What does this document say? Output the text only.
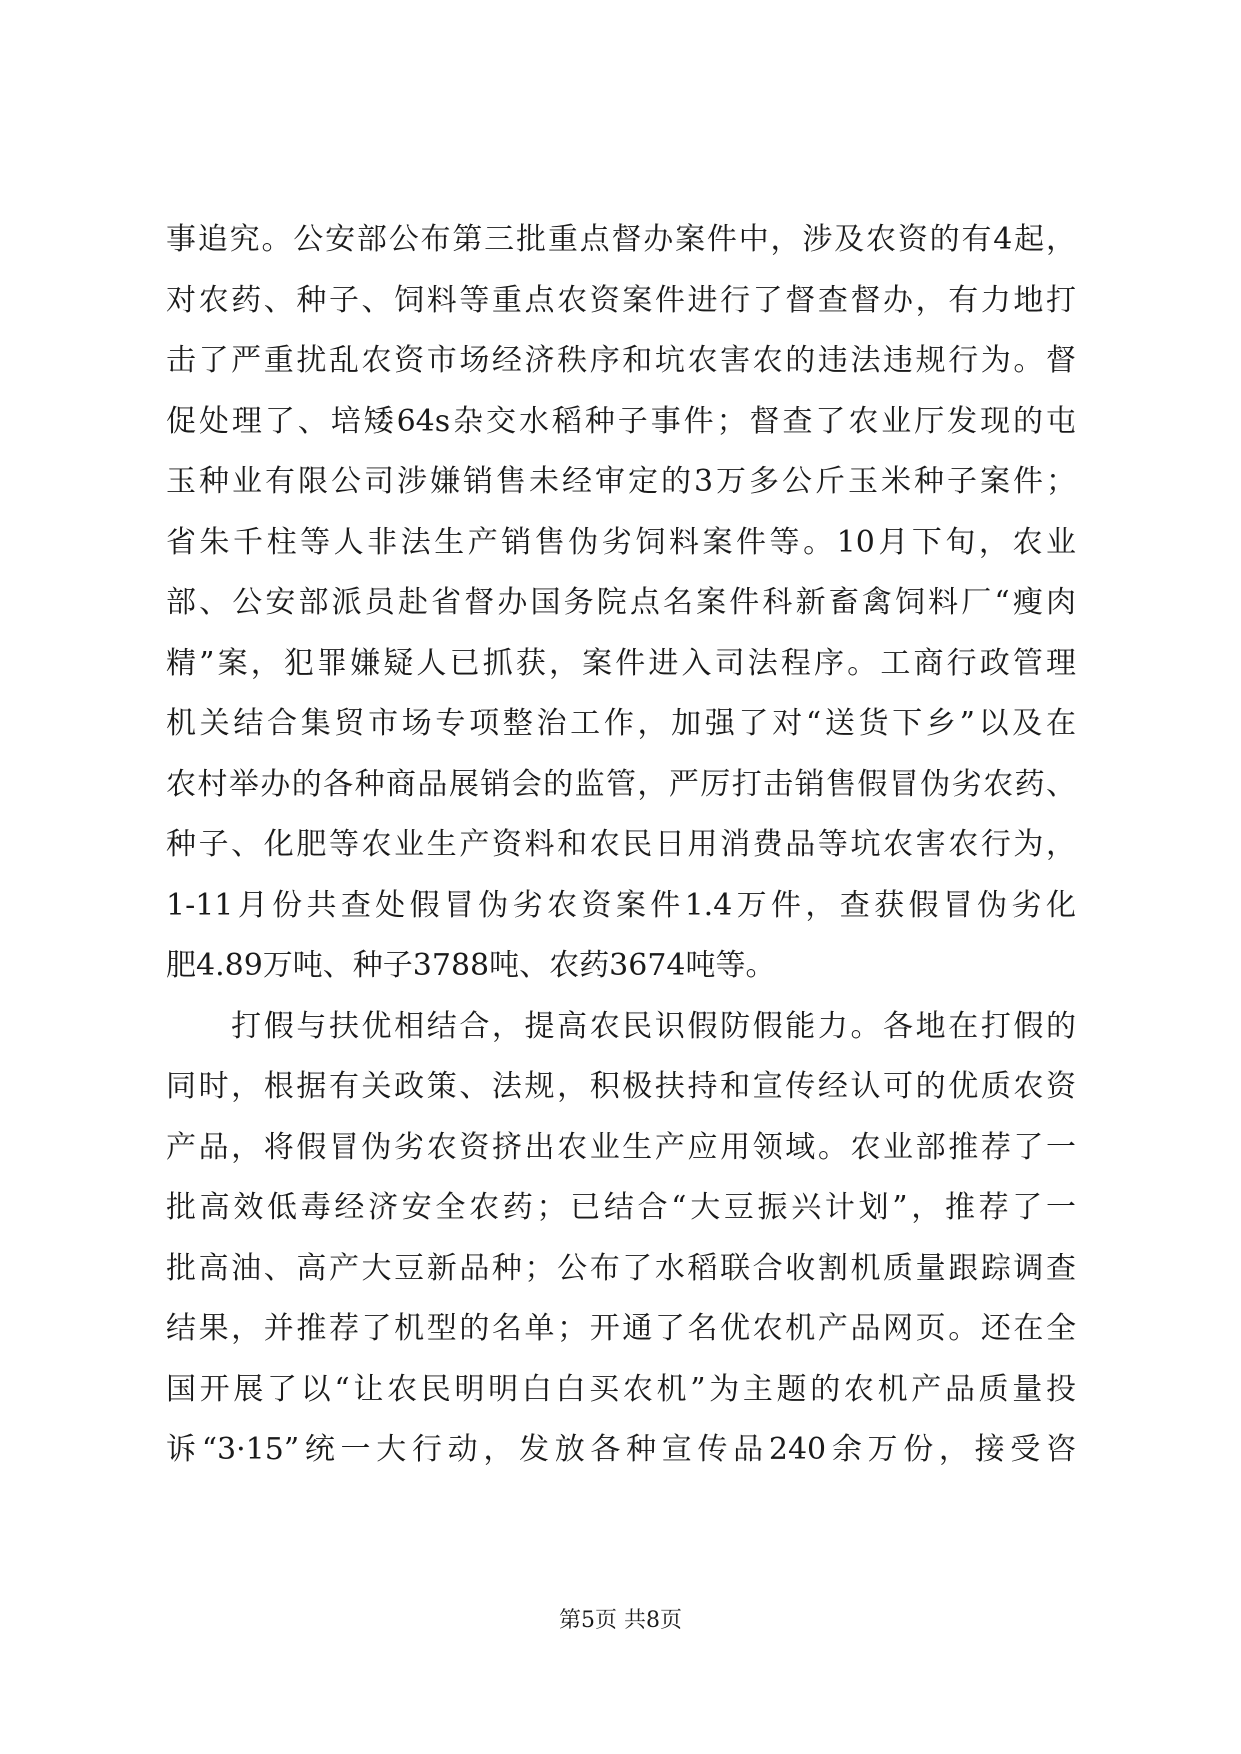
事追究。公安部公布第三批重点督办案件中，涉及农资的有4起，
对农药、种子、饲料等重点农资案件进行了督查督办，有力地打
击了严重扰乱农资市场经济秩序和坑农害农的违法违规行为。督
促处理了、培矮64s杂交水稻种子事件；督查了农业厅发现的屯
玉种业有限公司涉嫌销售未经审定的3万多公斤玉米种子案件；
省朱千柱等人非法生产销售伪劣饲料案件等。10月下旬，农业
部、公安部派员赴省督办国务院点名案件科新畜禽饲料厂“瘦肉
精”案，犯罪嫌疑人已抓获，案件进入司法程序。工商行政管理
机关结合集贸市场专项整治工作，加强了对“送货下乡”以及在
农村举办的各种商品展销会的监管，严厉打击销售假冒伪劣农药、
种子、化肥等农业生产资料和农民日用消费品等坑农害农行为，
1-11月份共查处假冒伪劣农资案件1.4万件，查获假冒伪劣化
肥4.89万吨、种子3788吨、农药3674吨等。
　　打假与扶优相结合，提高农民识假防假能力。各地在打假的
同时，根据有关政策、法规，积极扶持和宣传经认可的优质农资
产品，将假冒伪劣农资挤出农业生产应用领域。农业部推荐了一
批高效低毒经济安全农药；已结合“大豆振兴计划”，推荐了一
批高油、高产大豆新品种；公布了水稻联合收割机质量跟踪调查
结果，并推荐了机型的名单；开通了名优农机产品网页。还在全
国开展了以“让农民明明白白买农机”为主题的农机产品质量投
诉“3·15”统一大行动，发放各种宣传品240余万份，接受咨
第5页 共8页
